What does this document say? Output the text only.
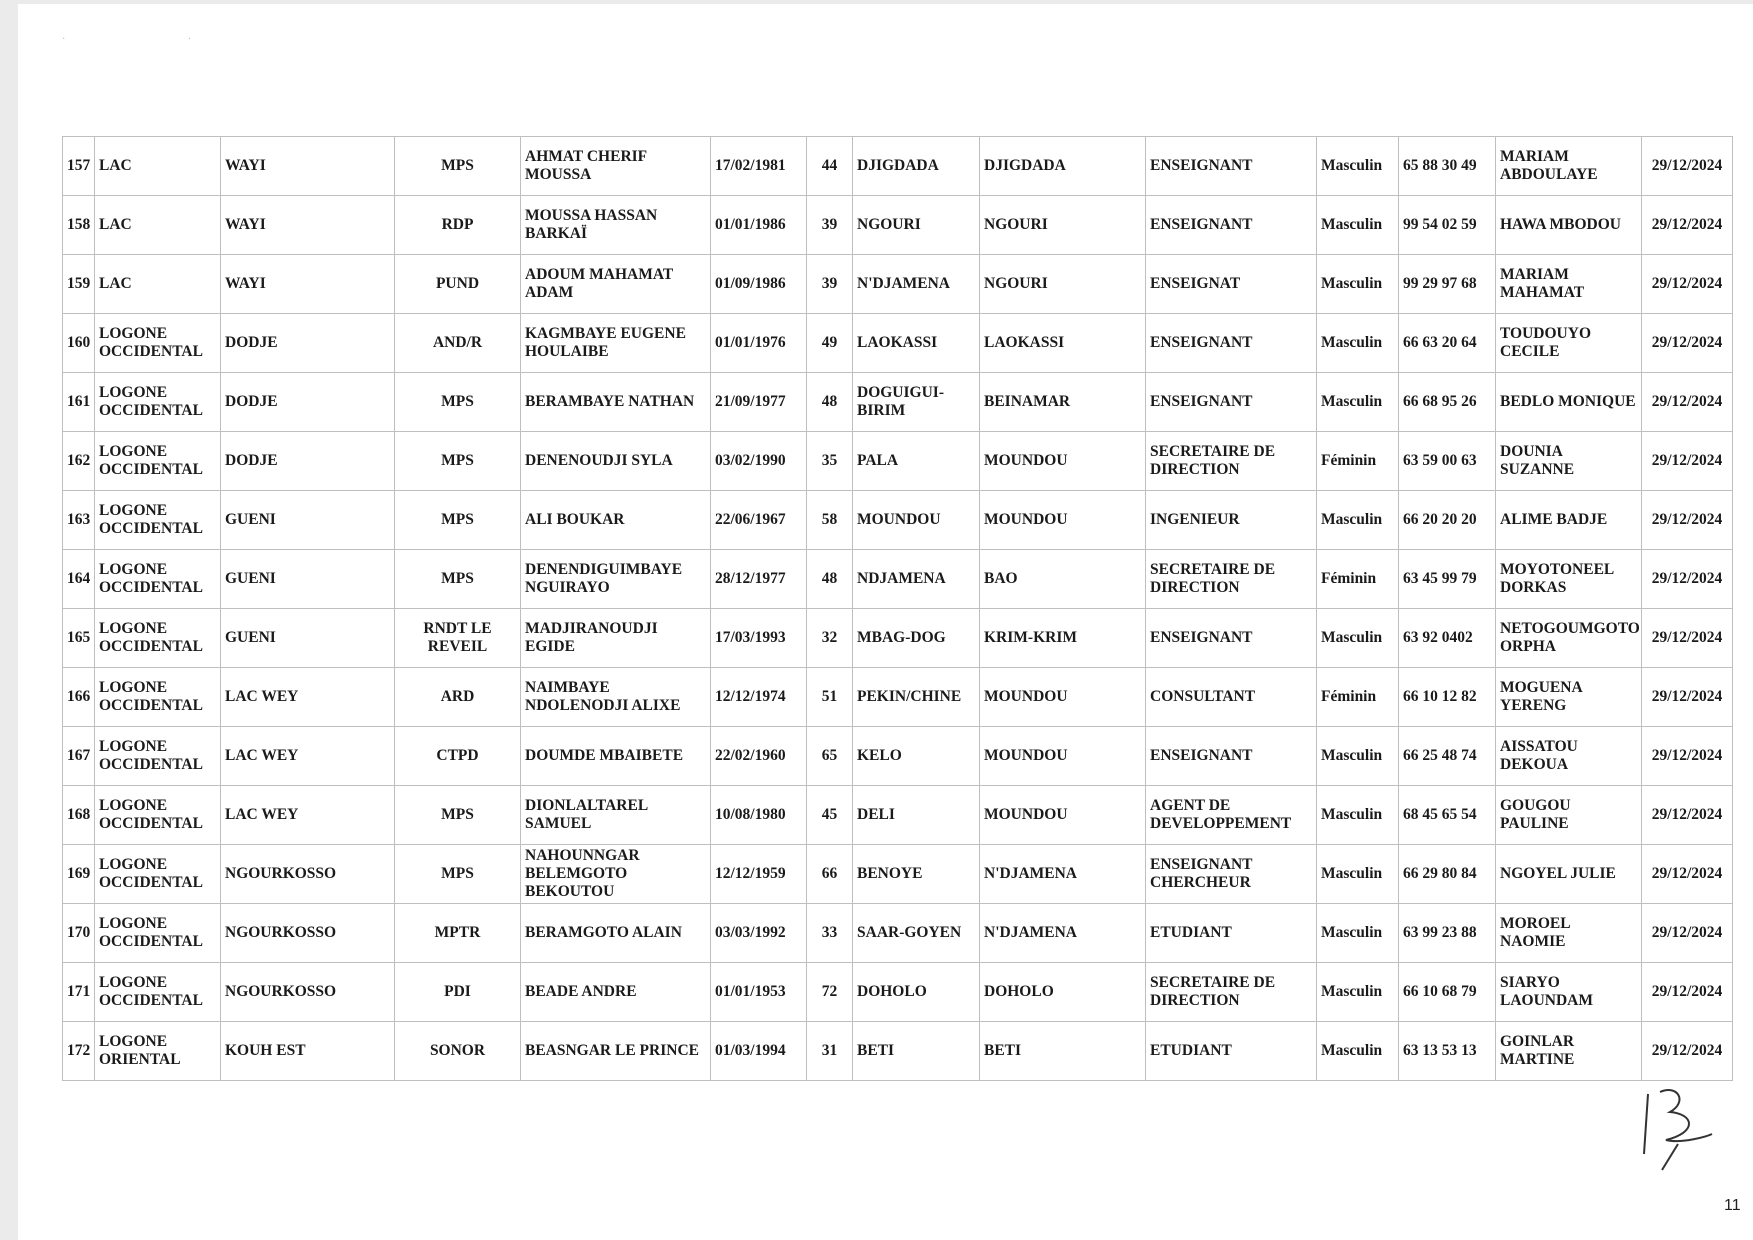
· ·
157	LAC	WAYI	MPS	AHMAT CHERIF MOUSSA	17/02/1981	44	DJIGDADA	DJIGDADA	ENSEIGNANT	Masculin	65 88 30 49	MARIAM ABDOULAYE	29/12/2024
158	LAC	WAYI	RDP	MOUSSA HASSAN BARKAÏ	01/01/1986	39	NGOURI	NGOURI	ENSEIGNANT	Masculin	99 54 02 59	HAWA MBODOU	29/12/2024
159	LAC	WAYI	PUND	ADOUM MAHAMAT ADAM	01/09/1986	39	N'DJAMENA	NGOURI	ENSEIGNAT	Masculin	99 29 97 68	MARIAM MAHAMAT	29/12/2024
160	LOGONE OCCIDENTAL	DODJE	AND/R	KAGMBAYE EUGENE HOULAIBE	01/01/1976	49	LAOKASSI	LAOKASSI	ENSEIGNANT	Masculin	66 63 20 64	TOUDOUYO CECILE	29/12/2024
161	LOGONE OCCIDENTAL	DODJE	MPS	BERAMBAYE NATHAN	21/09/1977	48	DOGUIGUI-BIRIM	BEINAMAR	ENSEIGNANT	Masculin	66 68 95 26	BEDLO MONIQUE	29/12/2024
162	LOGONE OCCIDENTAL	DODJE	MPS	DENENOUDJI SYLA	03/02/1990	35	PALA	MOUNDOU	SECRETAIRE DE DIRECTION	Féminin	63 59 00 63	DOUNIA SUZANNE	29/12/2024
163	LOGONE OCCIDENTAL	GUENI	MPS	ALI BOUKAR	22/06/1967	58	MOUNDOU	MOUNDOU	INGENIEUR	Masculin	66 20 20 20	ALIME BADJE	29/12/2024
164	LOGONE OCCIDENTAL	GUENI	MPS	DENENDIGUIMBAYE NGUIRAYO	28/12/1977	48	NDJAMENA	BAO	SECRETAIRE DE DIRECTION	Féminin	63 45 99 79	MOYOTONEEL DORKAS	29/12/2024
165	LOGONE OCCIDENTAL	GUENI	RNDT LE REVEIL	MADJIRANOUDJI EGIDE	17/03/1993	32	MBAG-DOG	KRIM-KRIM	ENSEIGNANT	Masculin	63 92 0402	NETOGOUMGOTO ORPHA	29/12/2024
166	LOGONE OCCIDENTAL	LAC WEY	ARD	NAIMBAYE NDOLENODJI ALIXE	12/12/1974	51	PEKIN/CHINE	MOUNDOU	CONSULTANT	Féminin	66 10 12 82	MOGUENA YERENG	29/12/2024
167	LOGONE OCCIDENTAL	LAC WEY	CTPD	DOUMDE MBAIBETE	22/02/1960	65	KELO	MOUNDOU	ENSEIGNANT	Masculin	66 25 48 74	AISSATOU DEKOUA	29/12/2024
168	LOGONE OCCIDENTAL	LAC WEY	MPS	DIONLALTAREL SAMUEL	10/08/1980	45	DELI	MOUNDOU	AGENT DE DEVELOPPEMENT	Masculin	68 45 65 54	GOUGOU PAULINE	29/12/2024
169	LOGONE OCCIDENTAL	NGOURKOSSO	MPS	NAHOUNNGAR BELEMGOTO BEKOUTOU	12/12/1959	66	BENOYE	N'DJAMENA	ENSEIGNANT CHERCHEUR	Masculin	66 29 80 84	NGOYEL JULIE	29/12/2024
170	LOGONE OCCIDENTAL	NGOURKOSSO	MPTR	BERAMGOTO ALAIN	03/03/1992	33	SAAR-GOYEN	N'DJAMENA	ETUDIANT	Masculin	63 99 23 88	MOROEL NAOMIE	29/12/2024
171	LOGONE OCCIDENTAL	NGOURKOSSO	PDI	BEADE ANDRE	01/01/1953	72	DOHOLO	DOHOLO	SECRETAIRE DE DIRECTION	Masculin	66 10 68 79	SIARYO LAOUNDAM	29/12/2024
172	LOGONE ORIENTAL	KOUH EST	SONOR	BEASNGAR LE PRINCE	01/03/1994	31	BETI	BETI	ETUDIANT	Masculin	63 13 53 13	GOINLAR MARTINE	29/12/2024
11
